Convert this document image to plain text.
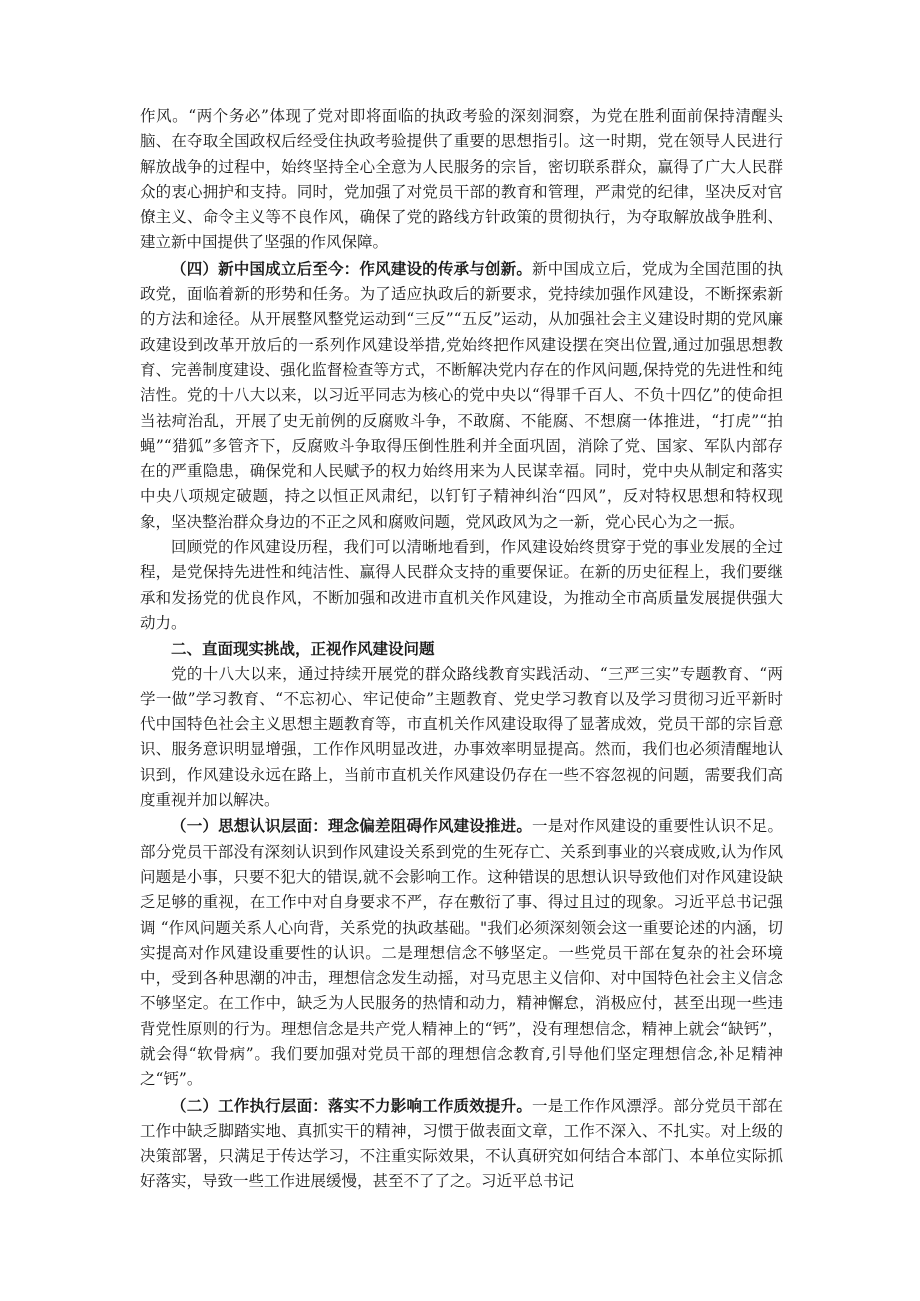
作风。“两个务必”体现了党对即将面临的执政考验的深刻洞察，为党在胜利面前保持清醒头脑、在夺取全国政权后经受住执政考验提供了重要的思想指引。这一时期，党在领导人民进行解放战争的过程中，始终坚持全心全意为人民服务的宗旨，密切联系群众，赢得了广大人民群众的衷心拥护和支持。同时，党加强了对党员干部的教育和管理，严肃党的纪律，坚决反对官僚主义、命令主义等不良作风，确保了党的路线方针政策的贯彻执行，为夺取解放战争胜利、建立新中国提供了坚强的作风保障。

（四）新中国成立后至今：作风建设的传承与创新。新中国成立后，党成为全国范围的执政党，面临着新的形势和任务。为了适应执政后的新要求，党持续加强作风建设，不断探索新的方法和途径。从开展整风整党运动到“三反”“五反”运动，从加强社会主义建设时期的党风廉政建设到改革开放后的一系列作风建设举措,党始终把作风建设摆在突出位置,通过加强思想教育、完善制度建设、强化监督检查等方式，不断解决党内存在的作风问题,保持党的先进性和纯洁性。党的十八大以来，以习近平同志为核心的党中央以“得罪千百人、不负十四亿”的使命担当祛疴治乱，开展了史无前例的反腐败斗争，不敢腐、不能腐、不想腐一体推进，“打虎”“拍蝇”“猎狐”多管齐下，反腐败斗争取得压倒性胜利并全面巩固，消除了党、国家、军队内部存在的严重隐患，确保党和人民赋予的权力始终用来为人民谋幸福。同时，党中央从制定和落实中央八项规定破题，持之以恒正风肃纪，以钉钉子精神纠治“四风”，反对特权思想和特权现象，坚决整治群众身边的不正之风和腐败问题，党风政风为之一新，党心民心为之一振。

回顾党的作风建设历程，我们可以清晰地看到，作风建设始终贯穿于党的事业发展的全过程，是党保持先进性和纯洁性、赢得人民群众支持的重要保证。在新的历史征程上，我们要继承和发扬党的优良作风，不断加强和改进市直机关作风建设，为推动全市高质量发展提供强大动力。

二、直面现实挑战，正视作风建设问题

党的十八大以来，通过持续开展党的群众路线教育实践活动、“三严三实”专题教育、“两学一做”学习教育、“不忘初心、牢记使命”主题教育、党史学习教育以及学习贯彻习近平新时代中国特色社会主义思想主题教育等，市直机关作风建设取得了显著成效，党员干部的宗旨意识、服务意识明显增强，工作作风明显改进，办事效率明显提高。然而，我们也必须清醒地认识到，作风建设永远在路上，当前市直机关作风建设仍存在一些不容忽视的问题，需要我们高度重视并加以解决。

（一）思想认识层面：理念偏差阻碍作风建设推进。一是对作风建设的重要性认识不足。部分党员干部没有深刻认识到作风建设关系到党的生死存亡、关系到事业的兴衰成败,认为作风问题是小事，只要不犯大的错误,就不会影响工作。这种错误的思想认识导致他们对作风建设缺乏足够的重视，在工作中对自身要求不严，存在敷衍了事、得过且过的现象。习近平总书记强调 “作风问题关系人心向背，关系党的执政基础。"我们必须深刻领会这一重要论述的内涵，切实提高对作风建设重要性的认识。二是理想信念不够坚定。一些党员干部在复杂的社会环境中，受到各种思潮的冲击，理想信念发生动摇，对马克思主义信仰、对中国特色社会主义信念不够坚定。在工作中，缺乏为人民服务的热情和动力，精神懈怠，消极应付，甚至出现一些违背党性原则的行为。理想信念是共产党人精神上的“钙”，没有理想信念，精神上就会“缺钙”，就会得“软骨病”。我们要加强对党员干部的理想信念教育,引导他们坚定理想信念,补足精神之“钙”。

（二）工作执行层面：落实不力影响工作质效提升。一是工作作风漂浮。部分党员干部在工作中缺乏脚踏实地、真抓实干的精神，习惯于做表面文章，工作不深入、不扎实。对上级的决策部署，只满足于传达学习，不注重实际效果，不认真研究如何结合本部门、本单位实际抓好落实，导致一些工作进展缓慢，甚至不了了之。习近平总书记
